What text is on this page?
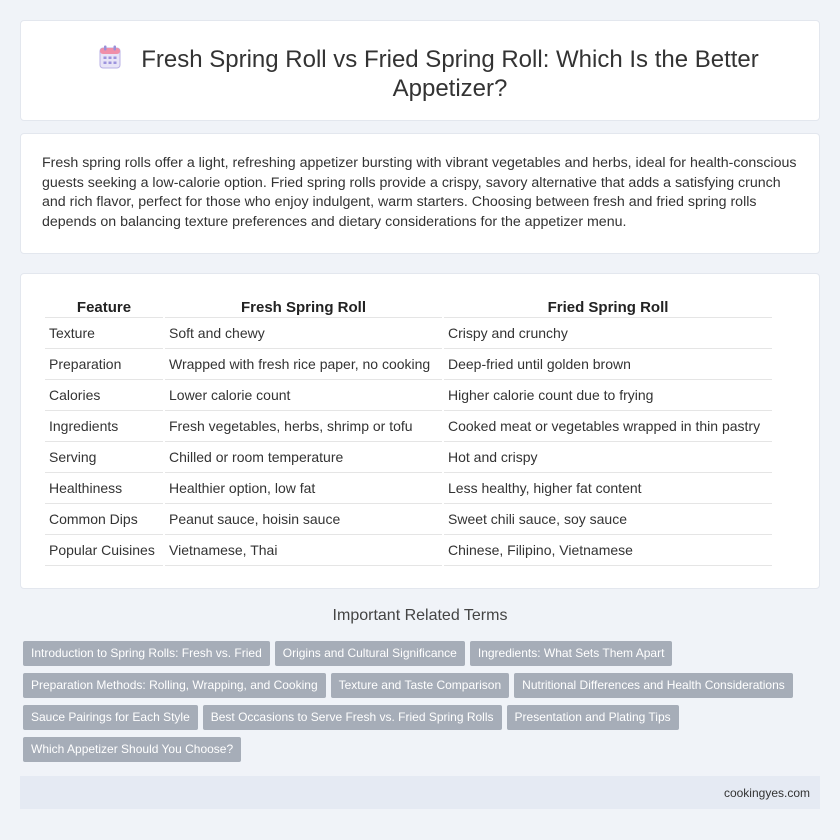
Fresh Spring Roll vs Fried Spring Roll: Which Is the Better Appetizer?

Fresh spring rolls offer a light, refreshing appetizer bursting with vibrant vegetables and herbs, ideal for health-conscious guests seeking a low-calorie option. Fried spring rolls provide a crispy, savory alternative that adds a satisfying crunch and rich flavor, perfect for those who enjoy indulgent, warm starters. Choosing between fresh and fried spring rolls depends on balancing texture preferences and dietary considerations for the appetizer menu.

Feature	Fresh Spring Roll	Fried Spring Roll
Texture	Soft and chewy	Crispy and crunchy
Preparation	Wrapped with fresh rice paper, no cooking	Deep-fried until golden brown
Calories	Lower calorie count	Higher calorie count due to frying
Ingredients	Fresh vegetables, herbs, shrimp or tofu	Cooked meat or vegetables wrapped in thin pastry
Serving	Chilled or room temperature	Hot and crispy
Healthiness	Healthier option, low fat	Less healthy, higher fat content
Common Dips	Peanut sauce, hoisin sauce	Sweet chili sauce, soy sauce
Popular Cuisines	Vietnamese, Thai	Chinese, Filipino, Vietnamese
Important Related Terms
Introduction to Spring Rolls: Fresh vs. Fried Origins and Cultural Significance Ingredients: What Sets Them Apart
Preparation Methods: Rolling, Wrapping, and Cooking Texture and Taste Comparison Nutritional Differences and Health Considerations
Sauce Pairings for Each Style Best Occasions to Serve Fresh vs. Fried Spring Rolls Presentation and Plating Tips
Which Appetizer Should You Choose?
cookingyes.com
